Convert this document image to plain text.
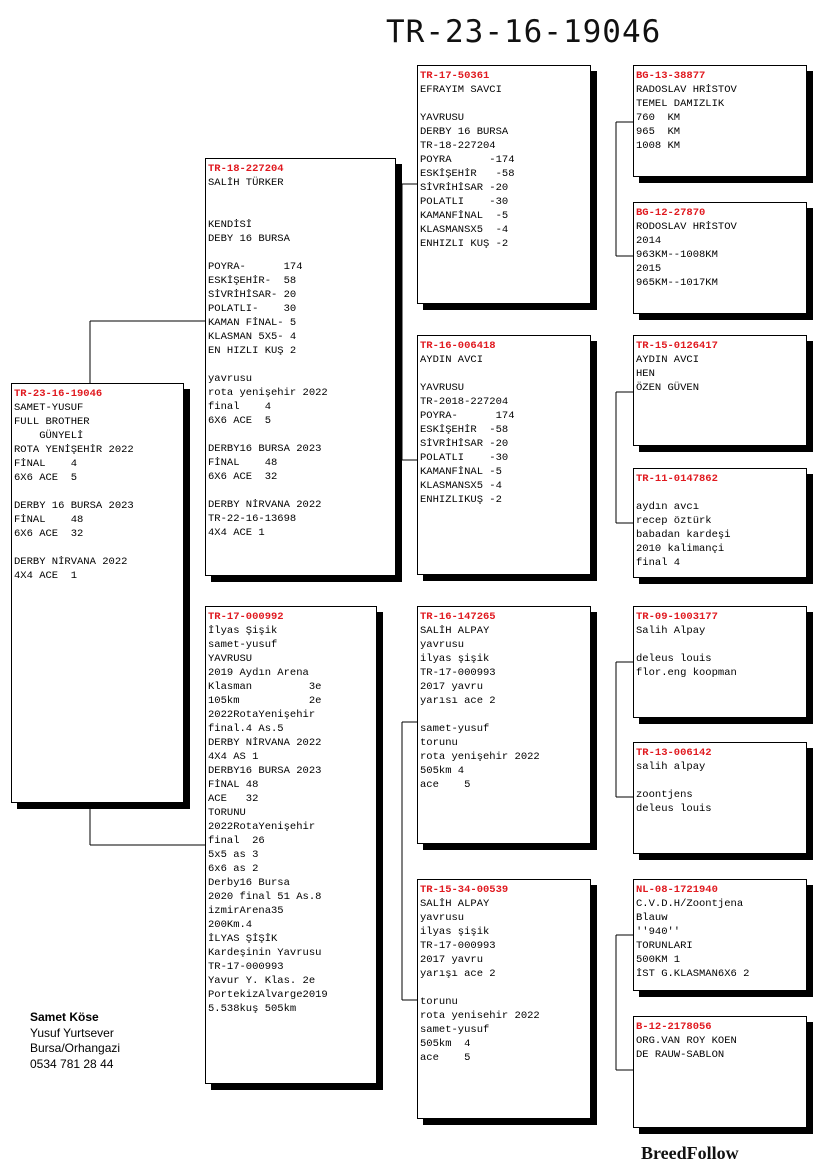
TR-23-16-19046
TR-23-16-19046
SAMET-YUSUF
FULL BROTHER
GÜNYELİ
ROTA YENİŞEHİR 2022
FİNAL    4
6X6 ACE  5
DERBY 16 BURSA 2023
FİNAL    48
6X6 ACE  32
DERBY NİRVANA 2022
4X4 ACE  1
TR-18-227204
SALİH TÜRKER
KENDİSİ
DEBY 16 BURSA
POYRA-      174
ESKİŞEHİR-  58
SİVRİHİSAR- 20
POLATLI-    30
KAMAN FİNAL- 5
KLASMAN 5X5- 4
EN HIZLI KUŞ 2
yavrusu
rota yenişehir 2022
final    4
6X6 ACE  5
DERBY16 BURSA 2023
FİNAL    48
6X6 ACE  32
DERBY NİRVANA 2022
TR-22-16-13698
4X4 ACE 1
TR-17-000992
İlyas Şişik
samet-yusuf
YAVRUSU
2019 Aydın Arena
Klasman         3e
105km           2e
2022RotaYenişehir
final.4 As.5
DERBY NİRVANA 2022
4X4 AS 1
DERBY16 BURSA 2023
FİNAL 48
ACE   32
TORUNU
2022RotaYenişehir
final  26
5x5 as 3
6x6 as 2
Derby16 Bursa
2020 final 51 As.8
izmirArena35
200Km.4
İLYAS ŞİŞİK
Kardeşinin Yavrusu
TR-17-000993
Yavur Y. Klas. 2e
PortekizAlvarge2019
5.538kuş 505km
TR-17-50361
EFRAYIM SAVCI
YAVRUSU
DERBY 16 BURSA
TR-18-227204
POYRA      -174
ESKİŞEHİR   -58
SİVRİHİSAR -20
POLATLI    -30
KAMANFİNAL  -5
KLASMANSX5  -4
ENHIZLI KUŞ -2
TR-16-006418
AYDIN AVCI
YAVRUSU
TR-2018-227204
POYRA-      174
ESKİŞEHİR  -58
SİVRİHİSAR -20
POLATLI    -30
KAMANFİNAL -5
KLASMANSX5 -4
ENHIZLIKUŞ -2
TR-16-147265
SALİH ALPAY
yavrusu
ilyas şişik
TR-17-000993
2017 yavru
yarısı ace 2
samet-yusuf
torunu
rota yenişehir 2022
505km 4
ace    5
TR-15-34-00539
SALİH ALPAY
yavrusu
ilyas şişik
TR-17-000993
2017 yavru
yarışı ace 2
torunu
rota yenisehir 2022
samet-yusuf
505km  4
ace    5
BG-13-38877
RADOSLAV HRİSTOV
TEMEL DAMIZLIK
760  KM
965  KM
1008 KM
BG-12-27870
RODOSLAV HRİSTOV
2014
963KM--1008KM
2015
965KM--1017KM
TR-15-0126417
AYDIN AVCI
HEN
ÖZEN GÜVEN
TR-11-0147862
aydın avcı
recep öztürk
babadan kardeşi
2010 kalimançi
final 4
TR-09-1003177
Salih Alpay
deleus louis
flor.eng koopman
TR-13-006142
salih alpay
zoontjens
deleus louis
NL-08-1721940
C.V.D.H/Zoontjena
Blauw
''940''
TORUNLARI
500KM 1
İST G.KLASMAN6X6 2
B-12-2178056
ORG.VAN ROY KOEN
DE RAUW-SABLON
Samet Köse
Yusuf Yurtsever
Bursa/Orhangazi
0534 781 28 44
BreedFollow
